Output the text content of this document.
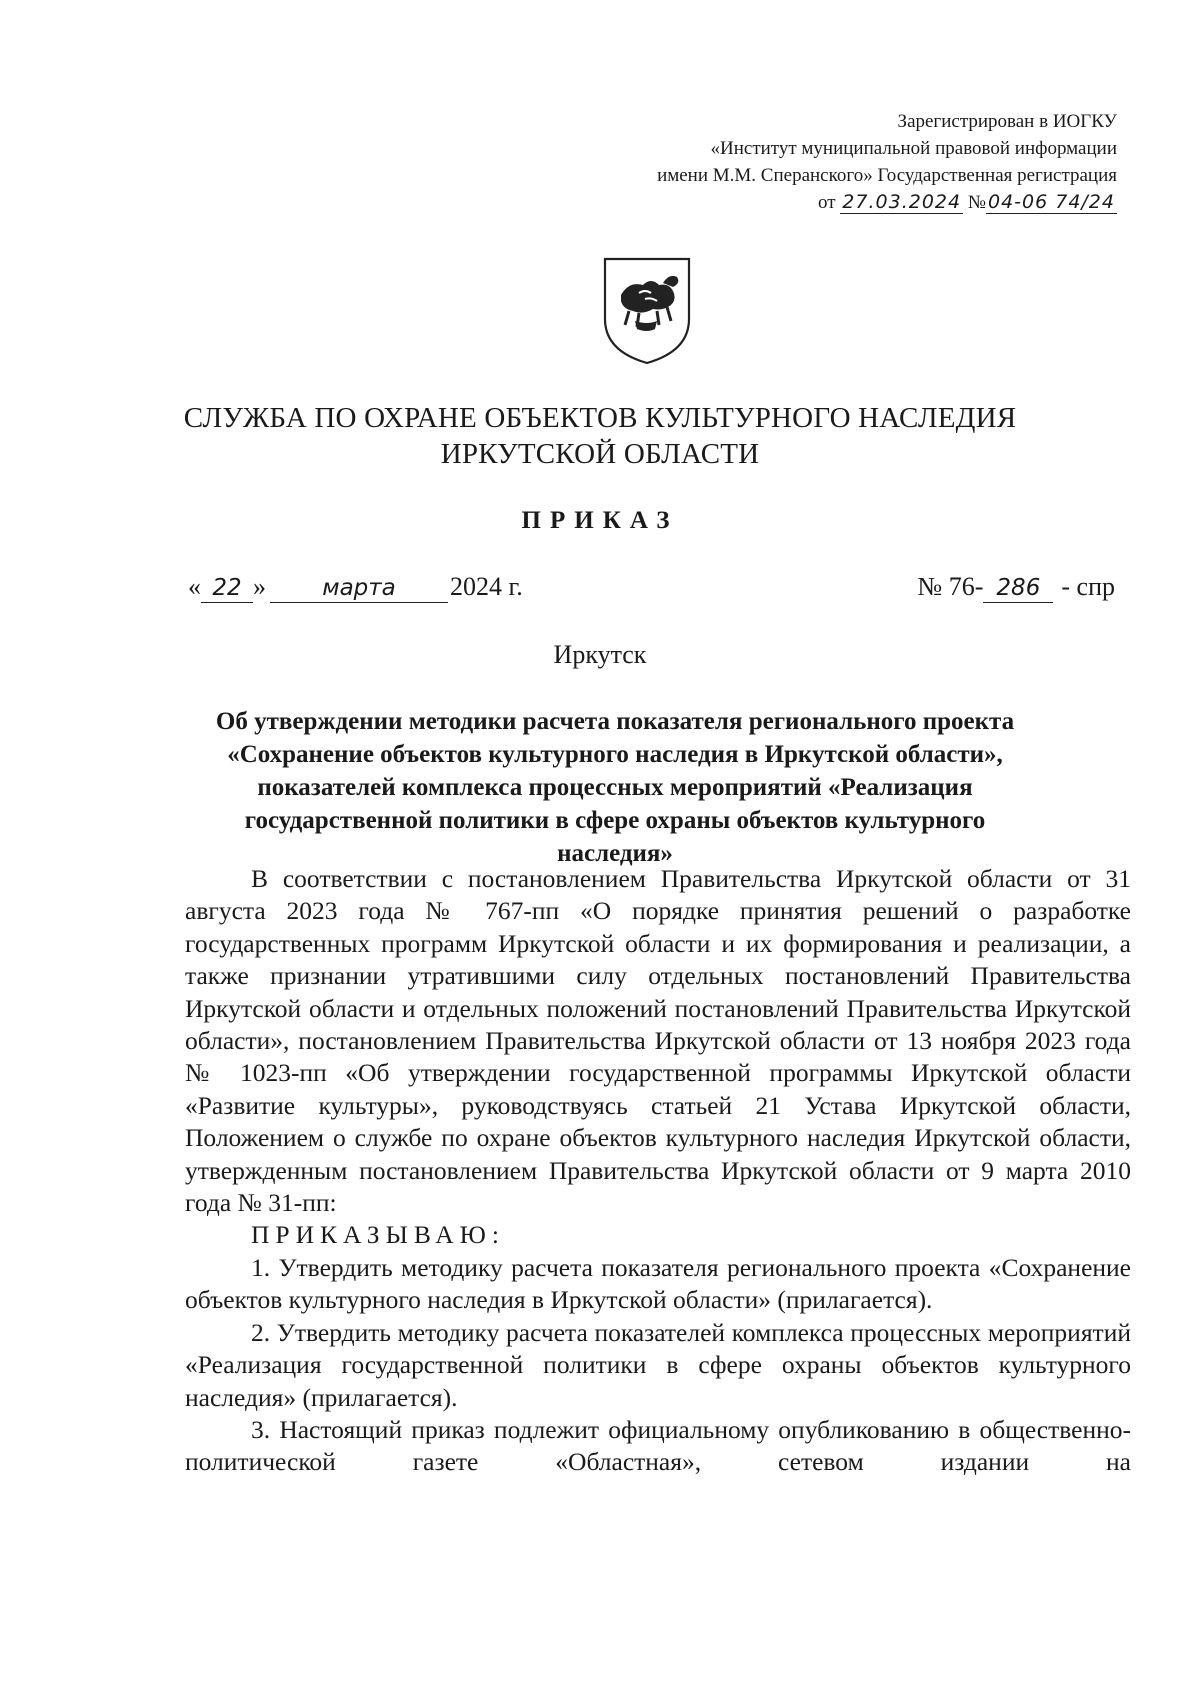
Зарегистрирован в ИОГКУ
«Институт муниципальной правовой информации
имени М.М. Сперанского» Государственная регистрация
от 27.03.2024 № 04-06 74/24
СЛУЖБА ПО ОХРАНЕ ОБЪЕКТОВ КУЛЬТУРНОГО НАСЛЕДИЯ
ИРКУТСКОЙ ОБЛАСТИ
ПРИКАЗ
« 22 » марта 2024 г.	№ 76- 286 - спр
Иркутск
Об утверждении методики расчета показателя регионального проекта
«Сохранение объектов культурного наследия в Иркутской области»,
показателей комплекса процессных мероприятий «Реализация
государственной политики в сфере охраны объектов культурного
наследия»

В соответствии с постановлением Правительства Иркутской области от 31 августа 2023 года № 767-пп «О порядке принятия решений о разработке государственных программ Иркутской области и их формирования и реализации, а также признании утратившими силу отдельных постановлений Правительства Иркутской области и отдельных положений постановлений Правительства Иркутской области», постановлением Правительства Иркутской области от 13 ноября 2023 года № 1023-пп «Об утверждении государственной программы Иркутской области «Развитие культуры», руководствуясь статьей 21 Устава Иркутской области, Положением о службе по охране объектов культурного наследия Иркутской области, утвержденным постановлением Правительства Иркутской области от 9 марта 2010 года № 31-пп:

ПРИКАЗЫВАЮ:

1. Утвердить методику расчета показателя регионального проекта «Сохранение объектов культурного наследия в Иркутской области» (прилагается).

2. Утвердить методику расчета показателей комплекса процессных мероприятий «Реализация государственной политики в сфере охраны объектов культурного наследия» (прилагается).

3. Настоящий приказ подлежит официальному опубликованию в общественно-политической газете «Областная», сетевом издании на
